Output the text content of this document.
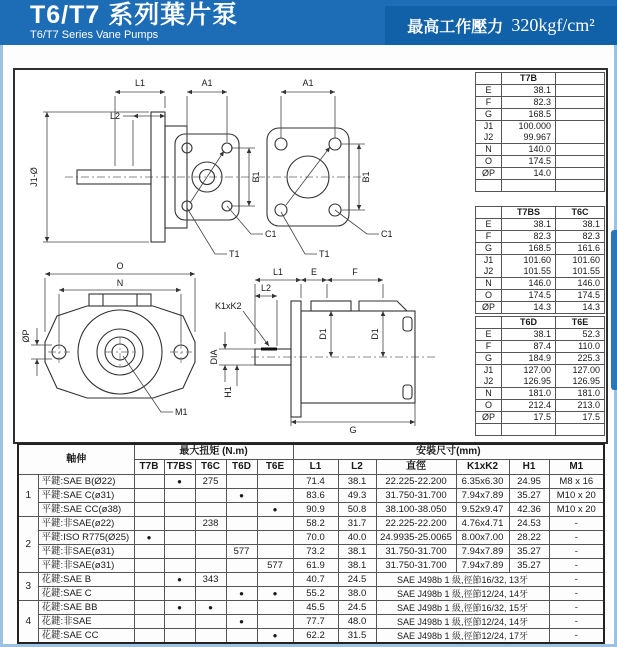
T6/T7 系列葉片泵
T6/T7 Series Vane Pumps	最高工作壓力 320kgf/cm²
L1
L2
A1	A1
J1-Ø	B1	B1
C1	C1
T1	T1
O
N
ØP
M1
L1
L2
E	F
D1	D1
G
K1xK2
DIA
H1
	T7B	
E	38.1	
F	82.3	
G	168.5	
J1	100.000	
J2	99.967	
N	140.0	
O	174.5	
ØP	14.0	

	T7BS	T6C
E	38.1	38.1
F	82.3	82.3
G	168.5	161.6
J1	101.60	101.60
J2	101.55	101.55
N	146.0	146.0
O	174.5	174.5
ØP	14.3	14.3
	T6D	T6E
E	38.1	52.3
F	87.4	110.0
G	184.9	225.3
J1	127.00	127.00
J2	126.95	126.95
N	181.0	181.0
O	212.4	213.0
ØP	17.5	17.5

軸伸		最大扭矩 (N.m)					安裝尺寸(mm)					
		T7B	T7BS	T6C	T6D	T6E	L1	L2	直徑	K1xK2	H1	M1
1	平鍵:SAE B(Ø22)		●	275			71.4	38.1	22.225-22.200	6.35x6.30	24.95	M8 x 16
	平鍵:SAE C(ø31)				●		83.6	49.3	31.750-31.700	7.94x7.89	35.27	M10 x 20
	平鍵:SAE CC(ø38)					●	90.9	50.8	38.100-38.050	9.52x9.47	42.36	M10 x 20
2	平鍵:非SAE(ø22)			238			58.2	31.7	22.225-22.200	4.76x4.71	24.53	-
	平鍵:ISO R775(Ø25)	●					70.0	40.0	24.9935-25.0065	8.00x7.00	28.22	-
	平鍵:非SAE(ø31)				577		73.2	38.1	31.750-31.700	7.94x7.89	35.27	-
	平鍵:非SAE(ø31)					577	61.9	38.1	31.750-31.700	7.94x7.89	35.27	-
3	花鍵:SAE B		●	343			40.7	24.5	SAE J498b 1 級,徑節16/32, 13牙			-
	花鍵:SAE C				●	●	55.2	38.0	SAE J498b 1 級,徑節12/24, 14牙			-
4	花鍵:SAE BB		●	●			45.5	24.5	SAE J498b 1 級,徑節16/32, 15牙			-
	花鍵:非SAE				●		77.7	48.0	SAE J498b 1 級,徑節12/24, 14牙			-
	花鍵:SAE CC					●	62.2	31.5	SAE J498b 1 級,徑節12/24, 17牙			-
